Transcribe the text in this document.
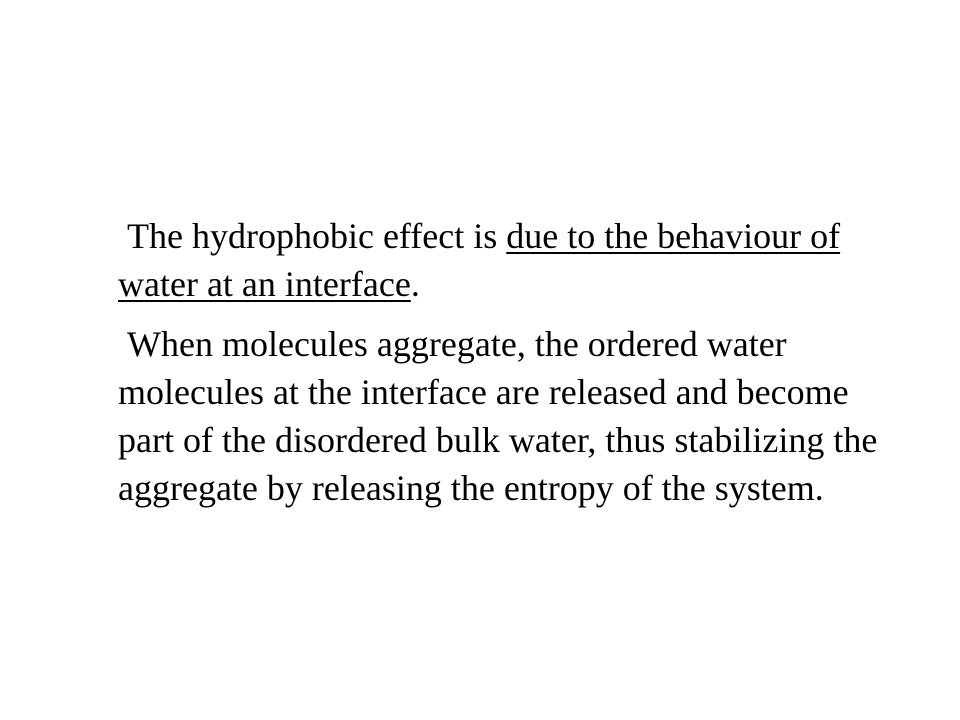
The hydrophobic effect is due to the behaviour of water at an interface.

When molecules aggregate, the ordered water molecules at the interface are released and become part of the disordered bulk water, thus stabilizing the aggregate by releasing the entropy of the system.
